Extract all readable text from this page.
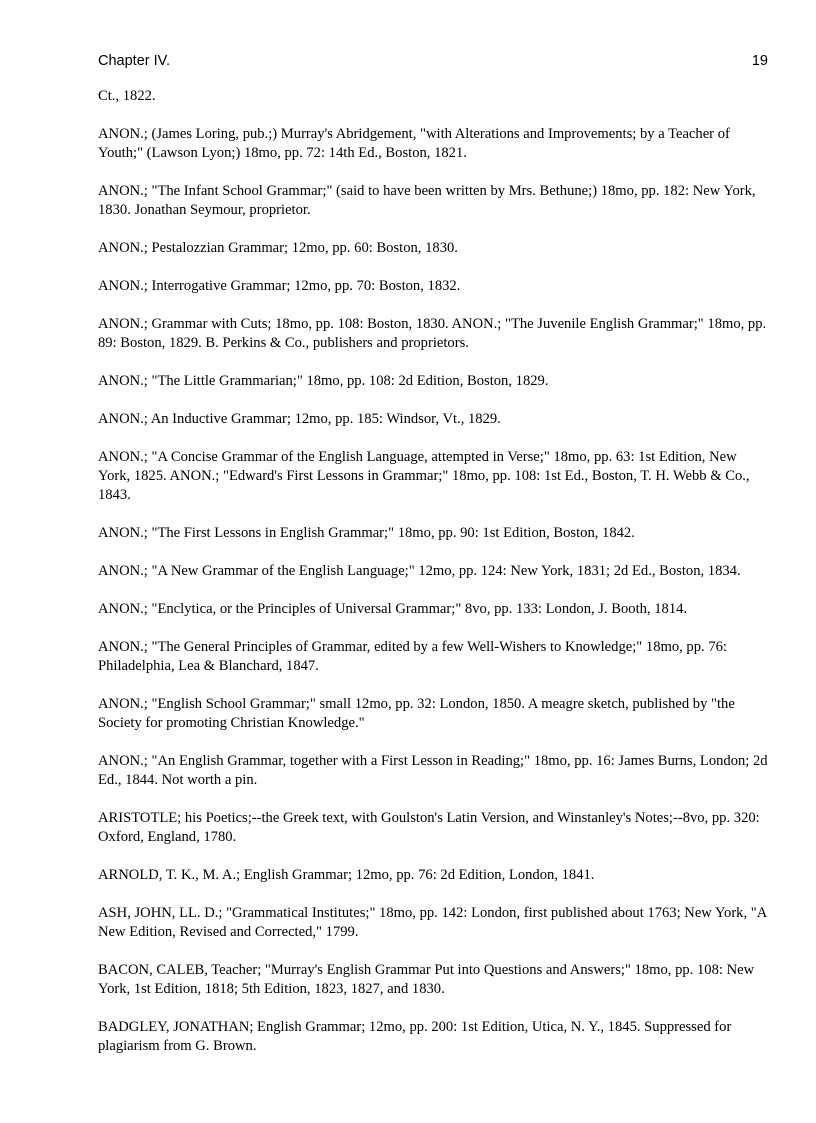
Chapter IV.	19

Ct., 1822.

ANON.; (James Loring, pub.;) Murray's Abridgement, "with Alterations and Improvements; by a Teacher of Youth;" (Lawson Lyon;) 18mo, pp. 72: 14th Ed., Boston, 1821.

ANON.; "The Infant School Grammar;" (said to have been written by Mrs. Bethune;) 18mo, pp. 182: New York, 1830. Jonathan Seymour, proprietor.

ANON.; Pestalozzian Grammar; 12mo, pp. 60: Boston, 1830.

ANON.; Interrogative Grammar; 12mo, pp. 70: Boston, 1832.

ANON.; Grammar with Cuts; 18mo, pp. 108: Boston, 1830. ANON.; "The Juvenile English Grammar;" 18mo, pp. 89: Boston, 1829. B. Perkins & Co., publishers and proprietors.

ANON.; "The Little Grammarian;" 18mo, pp. 108: 2d Edition, Boston, 1829.

ANON.; An Inductive Grammar; 12mo, pp. 185: Windsor, Vt., 1829.

ANON.; "A Concise Grammar of the English Language, attempted in Verse;" 18mo, pp. 63: 1st Edition, New York, 1825. ANON.; "Edward's First Lessons in Grammar;" 18mo, pp. 108: 1st Ed., Boston, T. H. Webb & Co., 1843.

ANON.; "The First Lessons in English Grammar;" 18mo, pp. 90: 1st Edition, Boston, 1842.

ANON.; "A New Grammar of the English Language;" 12mo, pp. 124: New York, 1831; 2d Ed., Boston, 1834.

ANON.; "Enclytica, or the Principles of Universal Grammar;" 8vo, pp. 133: London, J. Booth, 1814.

ANON.; "The General Principles of Grammar, edited by a few Well-Wishers to Knowledge;" 18mo, pp. 76: Philadelphia, Lea & Blanchard, 1847.

ANON.; "English School Grammar;" small 12mo, pp. 32: London, 1850. A meagre sketch, published by "the Society for promoting Christian Knowledge."

ANON.; "An English Grammar, together with a First Lesson in Reading;" 18mo, pp. 16: James Burns, London; 2d Ed., 1844. Not worth a pin.

ARISTOTLE; his Poetics;--the Greek text, with Goulston's Latin Version, and Winstanley's Notes;--8vo, pp. 320: Oxford, England, 1780.

ARNOLD, T. K., M. A.; English Grammar; 12mo, pp. 76: 2d Edition, London, 1841.

ASH, JOHN, LL. D.; "Grammatical Institutes;" 18mo, pp. 142: London, first published about 1763; New York, "A New Edition, Revised and Corrected," 1799.

BACON, CALEB, Teacher; "Murray's English Grammar Put into Questions and Answers;" 18mo, pp. 108: New York, 1st Edition, 1818; 5th Edition, 1823, 1827, and 1830.

BADGLEY, JONATHAN; English Grammar; 12mo, pp. 200: 1st Edition, Utica, N. Y., 1845. Suppressed for plagiarism from G. Brown.
